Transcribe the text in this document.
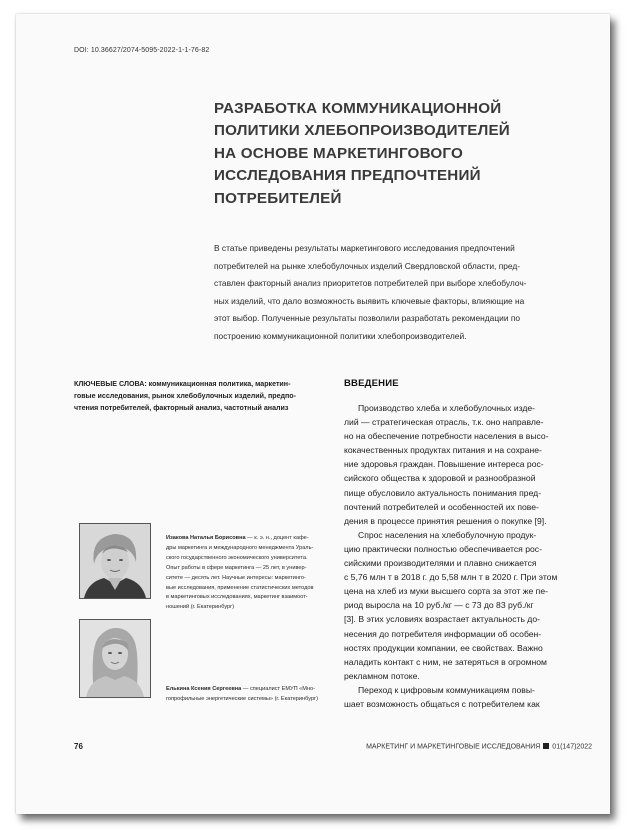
DOI: 10.36627/2074-5095-2022-1-1-76-82
РАЗРАБОТКА КОММУНИКАЦИОННОЙ
ПОЛИТИКИ ХЛЕБОПРОИЗВОДИТЕЛЕЙ
НА ОСНОВЕ МАРКЕТИНГОВОГО
ИССЛЕДОВАНИЯ ПРЕДПОЧТЕНИЙ
ПОТРЕБИТЕЛЕЙ
В статье приведены результаты маркетингового исследования предпочтений
потребителей на рынке хлебобулочных изделий Свердловской области, пред-
ставлен факторный анализ приоритетов потребителей при выборе хлебобулоч-
ных изделий, что дало возможность выявить ключевые факторы, влияющие на
этот выбор. Полученные результаты позволили разработать рекомендации по
построению коммуникационной политики хлебопроизводителей.
КЛЮЧЕВЫЕ СЛОВА: коммуникационная политика, маркетин-
говые исследования, рынок хлебобулочных изделий, предпо-
чтения потребителей, факторный анализ, частотный анализ
ВВЕДЕНИЕ
Производство хлеба и хлебобулочных изде-
лий — стратегическая отрасль, т.к. оно направле-
но на обеспечение потребности населения в высо-
кокачественных продуктах питания и на сохране-
ние здоровья граждан. Повышение интереса рос-
сийского общества к здоровой и разнообразной
пище обусловило актуальность понимания пред-
почтений потребителей и особенностей их пове-
дения в процессе принятия решения о покупке [9].
Спрос населения на хлебобулочную продук-
цию практически полностью обеспечивается рос-
сийскими производителями и плавно снижается
с 5,76 млн т в 2018 г. до 5,58 млн т в 2020 г. При этом
цена на хлеб из муки высшего сорта за этот же пе-
риод выросла на 10 руб./кг — с 73 до 83 руб./кг
[3]. В этих условиях возрастает актуальность до-
несения до потребителя информации об особен-
ностях продукции компании, ее свойствах. Важно
наладить контакт с ним, не затеряться в огромном
рекламном потоке.
Переход к цифровым коммуникациям повы-
шает возможность общаться с потребителем как
Изакова Наталья Борисовна — к. э. н., доцент кафе-
дры маркетинга и международного менеджмента Ураль-
ского государственного экономического университета.
Опыт работы в сфере маркетинга — 25 лет, в универ-
ситете — десять лет. Научные интересы: маркетинго-
вые исследования, применение статистических методов
в маркетинговых исследованиях, маркетинг взаимоот-
ношений (г. Екатеринбург)
Елькина Ксения Сергеевна — специалист ЕМУП «Мно-
гопрофильные энергетические системы» (г. Екатеринбург)
76	МАРКЕТИНГ И МАРКЕТИНГОВЫЕ ИССЛЕДОВАНИЯ 01(147)2022
